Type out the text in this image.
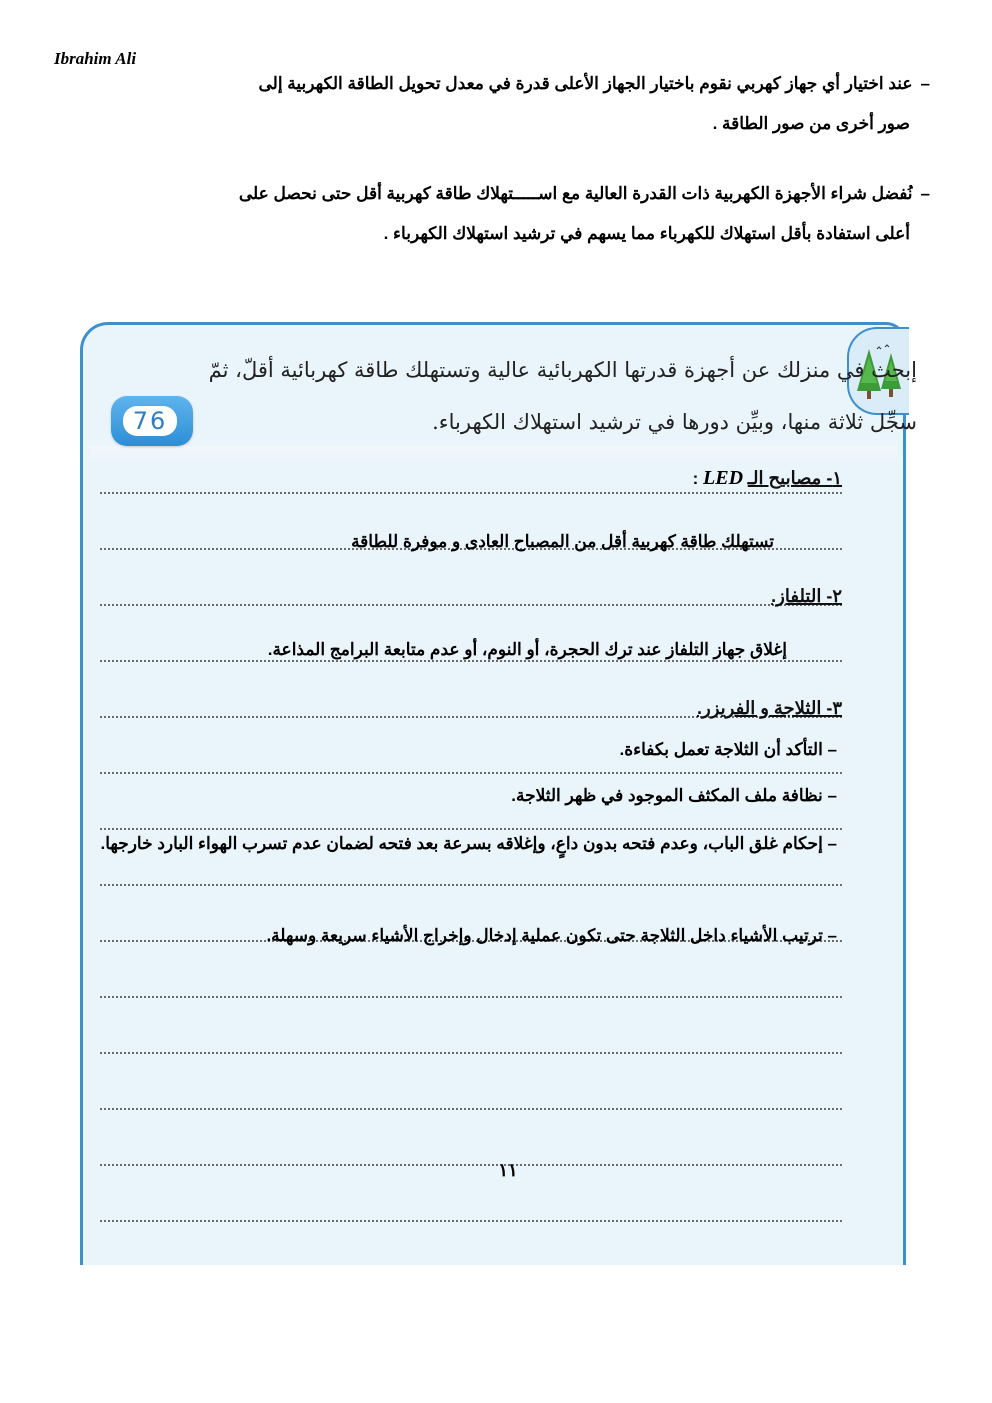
Ibrahim Ali

–عند اختيار أي جهاز كهربي نقوم باختيار الجهاز الأعلى قدرة في معدل تحويل الطاقة الكهربية إلى
صور أخرى من صور الطاقة .

–نُفضل شراء الأجهزة الكهربية ذات القدرة العالية مع اســـــتهلاك طاقة كهربية أقل حتى نحصل على
أعلى استفادة بأقل استهلاك للكهرباء مما يسهم في ترشيد استهلاك الكهرباء .

76

إبحث في منزلك عن أجهزة قدرتها الكهربائية عالية وتستهلك طاقة كهربائية أقلّ، ثمّ
سجِّل ثلاثة منها، وبيِّن دورها في ترشيد استهلاك الكهرباء.

١- مصابيح الـ LED :
تستهلك طاقة كهربية أقل من المصباح العادى و موفرة للطاقة
٢- التلفاز.
إغلاق جهاز التلفاز عند ترك الحجرة، أو النوم، أو عدم متابعة البرامج المذاعة.
٣- الثلاجة و الفريزر.
– التأكد أن الثلاجة تعمل بكفاءة.
– نظافة ملف المكثف الموجود في ظهر الثلاجة.
– إحكام غلق الباب، وعدم فتحه بدون داعٍ، وإغلاقه بسرعة بعد فتحه لضمان عدم تسرب الهواء البارد خارجها.
– ترتيب الأشياء داخل الثلاجة حتى تكون عملية إدخال وإخراج الأشياء سريعة وسهلة.
١١
